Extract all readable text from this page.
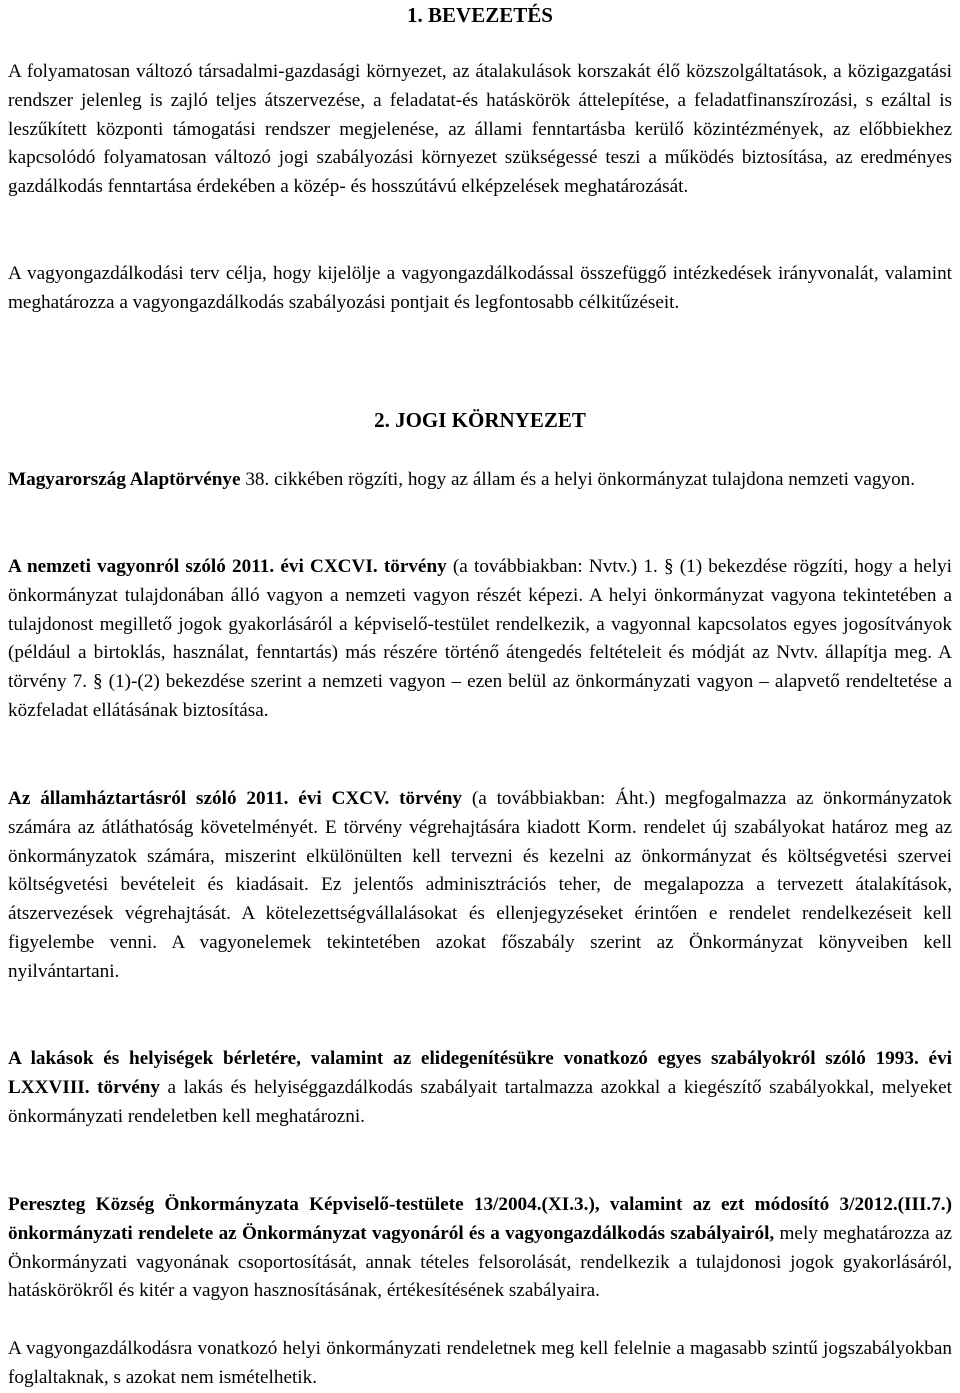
1. BEVEZETÉS

A folyamatosan változó társadalmi-gazdasági környezet, az átalakulások korszakát élő közszolgáltatások, a közigazgatási rendszer jelenleg is zajló teljes átszervezése, a feladatat-és hatáskörök áttelepítése, a feladatfinanszírozási, s ezáltal is leszűkített központi támogatási rendszer megjelenése, az állami fenntartásba kerülő közintézmények, az előbbiekhez kapcsolódó folyamatosan változó jogi szabályozási környezet szükségessé teszi a működés biztosítása, az eredményes gazdálkodás fenntartása érdekében a közép- és hosszútávú elképzelések meghatározását.

A vagyongazdálkodási terv célja, hogy kijelölje a vagyongazdálkodással összefüggő intézkedések irányvonalát, valamint meghatározza a vagyongazdálkodás szabályozási pontjait és legfontosabb célkitűzéseit.

2. JOGI KÖRNYEZET

Magyarország Alaptörvénye 38. cikkében rögzíti, hogy az állam és a helyi önkormányzat tulajdona nemzeti vagyon.

A nemzeti vagyonról szóló 2011. évi CXCVI. törvény (a továbbiakban: Nvtv.) 1. § (1) bekezdése rögzíti, hogy a helyi önkormányzat tulajdonában álló vagyon a nemzeti vagyon részét képezi. A helyi önkormányzat vagyona tekintetében a tulajdonost megillető jogok gyakorlásáról a képviselő-testület rendelkezik, a vagyonnal kapcsolatos egyes jogosítványok (például a birtoklás, használat, fenntartás) más részére történő átengedés feltételeit és módját az Nvtv. állapítja meg. A törvény 7. § (1)-(2) bekezdése szerint a nemzeti vagyon – ezen belül az önkormányzati vagyon – alapvető rendeltetése a közfeladat ellátásának biztosítása.

Az államháztartásról szóló 2011. évi CXCV. törvény (a továbbiakban: Áht.) megfogalmazza az önkormányzatok számára az átláthatóság követelményét. E törvény végrehajtására kiadott Korm. rendelet új szabályokat határoz meg az önkormányzatok számára, miszerint elkülönülten kell tervezni és kezelni az önkormányzat és költségvetési szervei költségvetési bevételeit és kiadásait. Ez jelentős adminisztrációs teher, de megalapozza a tervezett átalakítások, átszervezések végrehajtását. A kötelezettségvállalásokat és ellenjegyzéseket érintően e rendelet rendelkezéseit kell figyelembe venni. A vagyonelemek tekintetében azokat főszabály szerint az Önkormányzat könyveiben kell nyilvántartani.

A lakások és helyiségek bérletére, valamint az elidegenítésükre vonatkozó egyes szabályokról szóló 1993. évi LXXVIII. törvény a lakás és helyiséggazdálkodás szabályait tartalmazza azokkal a kiegészítő szabályokkal, melyeket önkormányzati rendeletben kell meghatározni.

Pereszteg Község Önkormányzata Képviselő-testülete 13/2004.(XI.3.), valamint az ezt módosító 3/2012.(III.7.) önkormányzati rendelete az Önkormányzat vagyonáról és a vagyongazdálkodás szabályairól, mely meghatározza az Önkormányzati vagyonának csoportosítását, annak tételes felsorolását, rendelkezik a tulajdonosi jogok gyakorlásáról, hatáskörökről és kitér a vagyon hasznosításának, értékesítésének szabályaira.

A vagyongazdálkodásra vonatkozó helyi önkormányzati rendeletnek meg kell felelnie a magasabb szintű jogszabályokban foglaltaknak, s azokat nem ismételhetik.
